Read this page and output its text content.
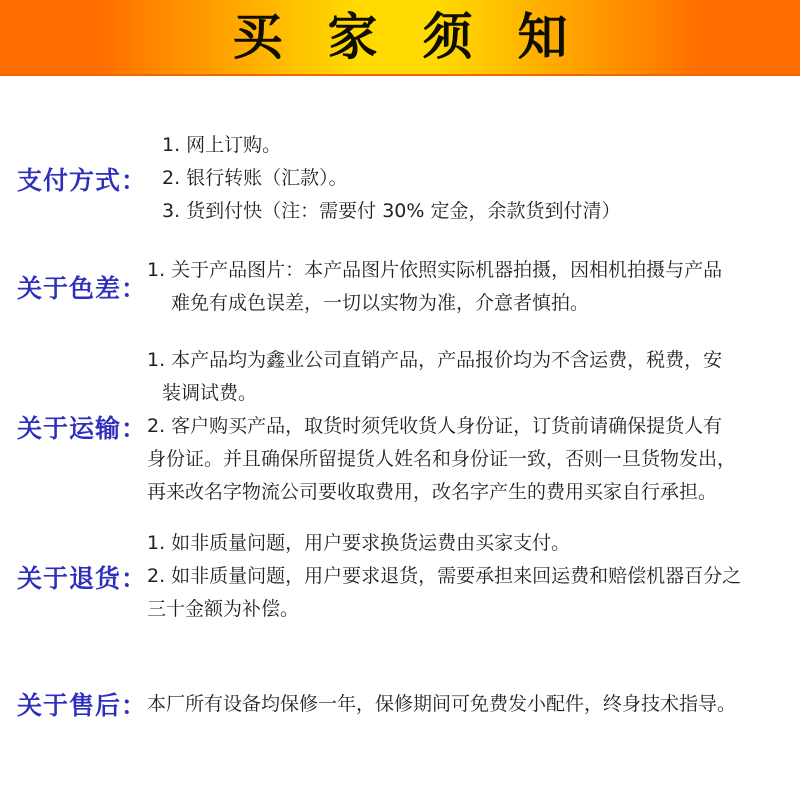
买家须知
支付方式：
1. 网上订购。
2. 银行转账（汇款）。
3. 货到付快（注：需要付 30% 定金，余款货到付清）
关于色差：
1. 关于产品图片：本产品图片依照实际机器拍摄，因相机拍摄与产品
难免有成色误差，一切以实物为准，介意者慎拍。
关于运输：
1. 本产品均为鑫业公司直销产品，产品报价均为不含运费，税费，安
装调试费。
2. 客户购买产品，取货时须凭收货人身份证，订货前请确保提货人有
身份证。并且确保所留提货人姓名和身份证一致，否则一旦货物发出，
再来改名字物流公司要收取费用，改名字产生的费用买家自行承担。
关于退货：
1. 如非质量问题，用户要求换货运费由买家支付。
2. 如非质量问题，用户要求退货，需要承担来回运费和赔偿机器百分之
三十金额为补偿。
关于售后： 本厂所有设备均保修一年，保修期间可免费发小配件，终身技术指导。
